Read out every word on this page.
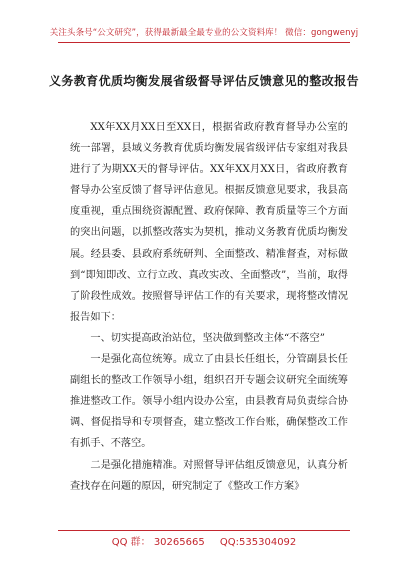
关注头条号“公文研究”，获得最新最全最专业的公文资料库！ 微信：gongwenyj
义务教育优质均衡发展省级督导评估反馈意见的整改报告

XX年XX月XX日至XX日，根据省政府教育督导办公室的统一部署，县域义务教育优质均衡发展省级评估专家组对我县进行了为期XX天的督导评估。XX年XX月XX日，省政府教育督导办公室反馈了督导评估意见。根据反馈意见要求，我县高度重视，重点围绕资源配置、政府保障、教育质量等三个方面的突出问题，以抓整改落实为契机，推动义务教育优质均衡发展。经县委、县政府系统研判、全面整改、精准督查，对标做到“即知即改、立行立改、真改实改、全面整改”，当前，取得了阶段性成效。按照督导评估工作的有关要求，现将整改情况报告如下：

一、切实提高政治站位，坚决做到整改主体“不落空”

一是强化高位统筹。成立了由县长任组长，分管副县长任副组长的整改工作领导小组，组织召开专题会议研究全面统筹推进整改工作。领导小组内设办公室，由县教育局负责综合协调、督促指导和专项督查，建立整改工作台账，确保整改工作有抓手、不落空。

二是强化措施精准。对照督导评估组反馈意见，认真分析查找存在问题的原因，研究制定了《整改工作方案》

QQ 群： 30265665 QQ:535304092
